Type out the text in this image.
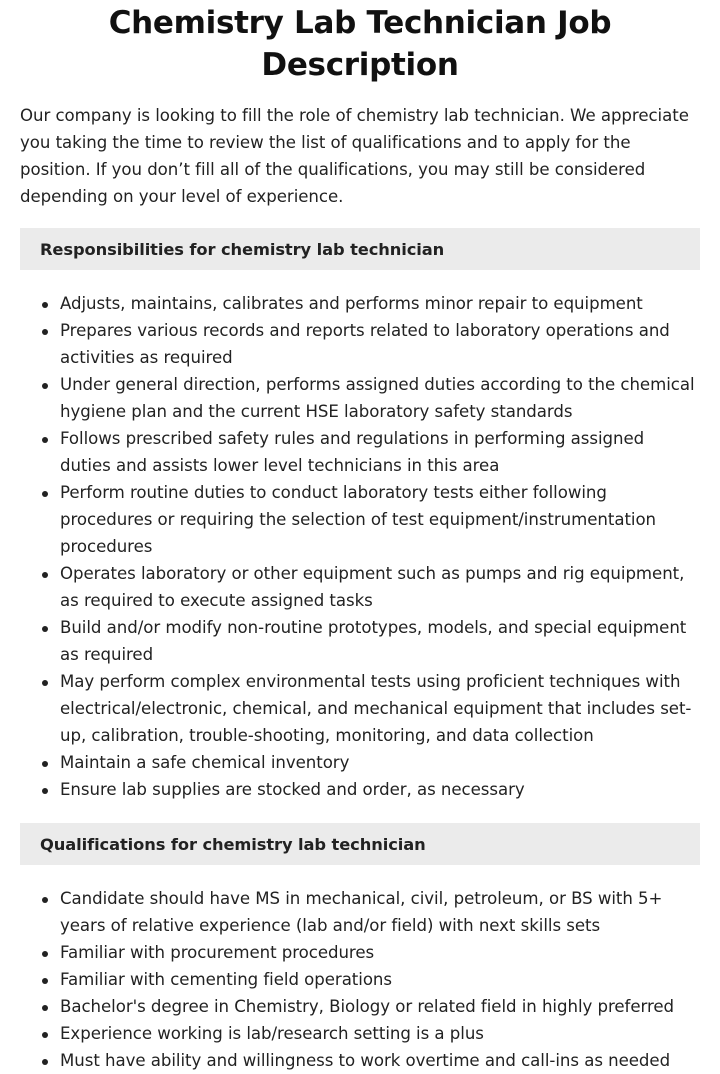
Chemistry Lab Technician Job Description

Our company is looking to fill the role of chemistry lab technician. We appreciate you taking the time to review the list of qualifications and to apply for the position. If you don’t fill all of the qualifications, you may still be considered depending on your level of experience.

Responsibilities for chemistry lab technician
Adjusts, maintains, calibrates and performs minor repair to equipment
Prepares various records and reports related to laboratory operations and activities as required
Under general direction, performs assigned duties according to the chemical hygiene plan and the current HSE laboratory safety standards
Follows prescribed safety rules and regulations in performing assigned duties and assists lower level technicians in this area
Perform routine duties to conduct laboratory tests either following procedures or requiring the selection of test equipment/instrumentation procedures
Operates laboratory or other equipment such as pumps and rig equipment, as required to execute assigned tasks
Build and/or modify non-routine prototypes, models, and special equipment as required
May perform complex environmental tests using proficient techniques with electrical/electronic, chemical, and mechanical equipment that includes set-up, calibration, trouble-shooting, monitoring, and data collection
Maintain a safe chemical inventory
Ensure lab supplies are stocked and order, as necessary
Qualifications for chemistry lab technician
Candidate should have MS in mechanical, civil, petroleum, or BS with 5+ years of relative experience (lab and/or field) with next skills sets
Familiar with procurement procedures
Familiar with cementing field operations
Bachelor's degree in Chemistry, Biology or related field in highly preferred
Experience working is lab/research setting is a plus
Must have ability and willingness to work overtime and call-ins as needed
